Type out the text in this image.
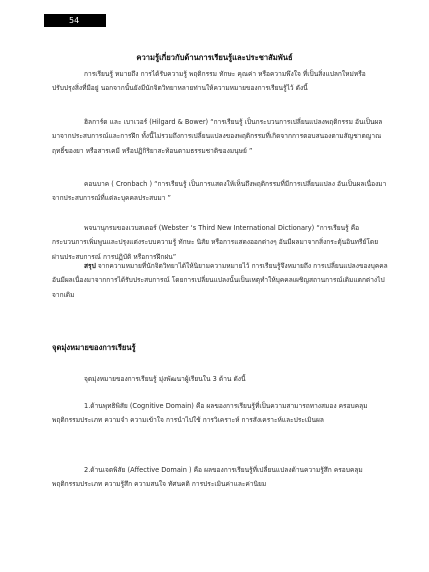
54
ความรู้เกี่ยวกับด้านการเรียนรู้และประชาสัมพันธ์

การเรียนรู้ หมายถึง การได้รับความรู้ พฤติกรรม ทักษะ คุณค่า หรือความพึงใจ ที่เป็นสิ่งแปลกใหม่หรือปรับปรุงสิ่งที่มีอยู่ นอกจากนั้นยังมีนักจิตวิทยาหลายท่านให้ความหมายของการเรียนรู้ไว้ ดังนี้

ฮิลการ์ด และ เบาเวอร์ (Hilgard & Bower) “การเรียนรู้ เป็นกระบวนการเปลี่ยนแปลงพฤติกรรม อันเป็นผลมาจากประสบการณ์และการฝึก ทั้งนี้ไม่รวมถึงการเปลี่ยนแปลงของพฤติกรรมที่เกิดจากการตอบสนองตามสัญชาตญาณ ฤทธิ์ของยา หรือสารเคมี หรือปฏิกิริยาสะท้อนตามธรรมชาติของมนุษย์ ”

คอนบาค ( Cronbach ) “การเรียนรู้ เป็นการแสดงให้เห็นถึงพฤติกรรมที่มีการเปลี่ยนแปลง อันเป็นผลเนื่องมาจากประสบการณ์ที่แต่ละบุคคลประสบมา ”

พจนานุกรมของเวบสเตอร์ (Webster ‘s Third New International Dictionary) “การเรียนรู้ คือ กระบวนการเพิ่มพูนและปรุงแต่งระบบความรู้ ทักษะ นิสัย หรือการแสดงออกต่างๆ อันมีผลมาจากสิ่งกระตุ้นอินทรีย์โดยผ่านประสบการณ์ การปฏิบัติ หรือการฝึกฝน”

สรุป จากความหมายที่นักจิตวิทยาได้ให้นิยามความหมายไว้ การเรียนรู้จึงหมายถึง การเปลี่ยนแปลงของบุคคลอันมีผลเนื่องมาจากการได้รับประสบการณ์ โดยการเปลี่ยนแปลงนั้นเป็นเหตุทำให้บุคคลเผชิญสถานการณ์เดิมแตกต่างไปจากเดิม

จุดมุ่งหมายของการเรียนรู้

จุดมุ่งหมายของการเรียนรู้ มุ่งพัฒนาผู้เรียนใน 3 ด้าน ดังนี้

1.ด้านพุทธิพิสัย (Cognitive Domain) คือ ผลของการเรียนรู้ที่เป็นความสามารถทางสมอง ครอบคลุมพฤติกรรมประเภท ความจำ ความเข้าใจ การนำไปใช้ การวิเคราะห์ การสังเคราะห์และประเมินผล

2.ด้านเจตพิสัย (Affective Domain ) คือ ผลของการเรียนรู้ที่เปลี่ยนแปลงด้านความรู้สึก ครอบคลุมพฤติกรรมประเภท ความรู้สึก ความสนใจ ทัศนคติ การประเมินค่าและค่านิยม
